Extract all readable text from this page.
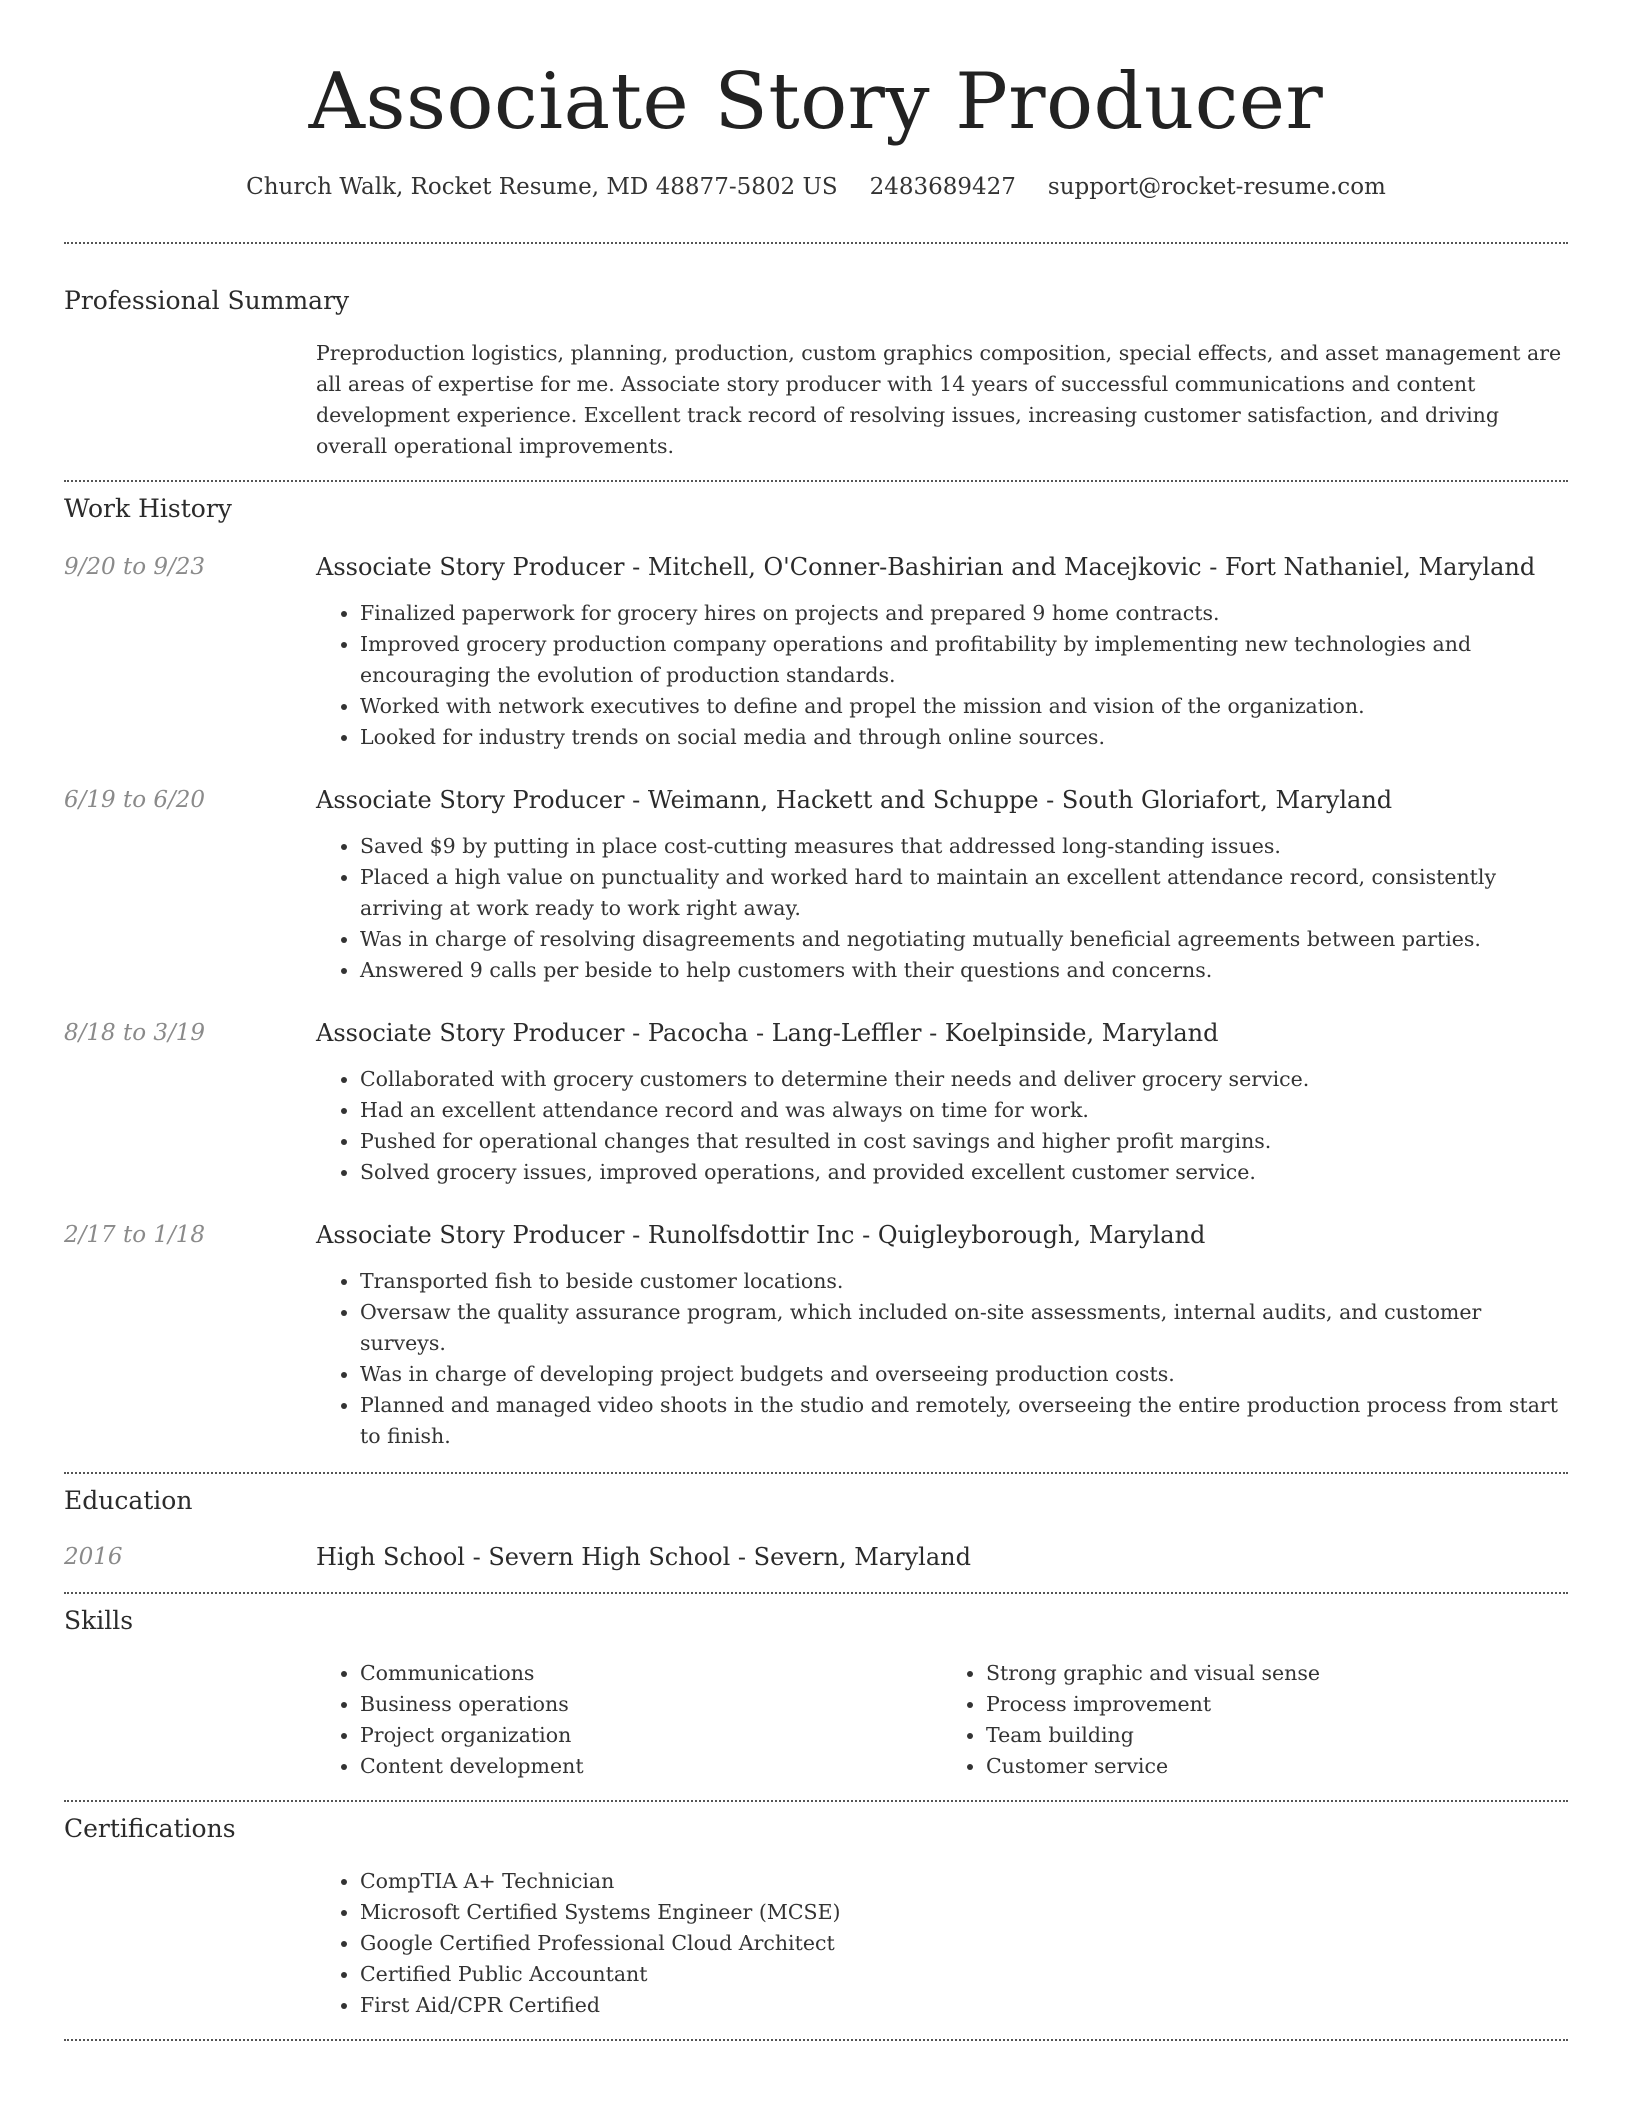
Associate Story Producer
Church Walk, Rocket Resume, MD 48877-5802 US 2483689427 support@rocket-resume.com
Professional Summary
Preproduction logistics, planning, production, custom graphics composition, special effects, and asset management are all areas of expertise for me. Associate story producer with 14 years of successful communications and content development experience. Excellent track record of resolving issues, increasing customer satisfaction, and driving overall operational improvements.
Work History
9/20 to 9/23	Associate Story Producer - Mitchell, O'Conner-Bashirian and Macejkovic - Fort Nathaniel, Maryland
• Finalized paperwork for grocery hires on projects and prepared 9 home contracts.
• Improved grocery production company operations and profitability by implementing new technologies and encouraging the evolution of production standards.
• Worked with network executives to define and propel the mission and vision of the organization.
• Looked for industry trends on social media and through online sources.
6/19 to 6/20	Associate Story Producer - Weimann, Hackett and Schuppe - South Gloriafort, Maryland
• Saved $9 by putting in place cost-cutting measures that addressed long-standing issues.
• Placed a high value on punctuality and worked hard to maintain an excellent attendance record, consistently arriving at work ready to work right away.
• Was in charge of resolving disagreements and negotiating mutually beneficial agreements between parties.
• Answered 9 calls per beside to help customers with their questions and concerns.
8/18 to 3/19	Associate Story Producer - Pacocha - Lang-Leffler - Koelpinside, Maryland
• Collaborated with grocery customers to determine their needs and deliver grocery service.
• Had an excellent attendance record and was always on time for work.
• Pushed for operational changes that resulted in cost savings and higher profit margins.
• Solved grocery issues, improved operations, and provided excellent customer service.
2/17 to 1/18	Associate Story Producer - Runolfsdottir Inc - Quigleyborough, Maryland
• Transported fish to beside customer locations.
• Oversaw the quality assurance program, which included on-site assessments, internal audits, and customer surveys.
• Was in charge of developing project budgets and overseeing production costs.
• Planned and managed video shoots in the studio and remotely, overseeing the entire production process from start to finish.
Education
2016	High School - Severn High School - Severn, Maryland
Skills
• Communications
• Business operations
• Project organization
• Content development
• Strong graphic and visual sense
• Process improvement
• Team building
• Customer service
Certifications
• CompTIA A+ Technician
• Microsoft Certified Systems Engineer (MCSE)
• Google Certified Professional Cloud Architect
• Certified Public Accountant
• First Aid/CPR Certified
